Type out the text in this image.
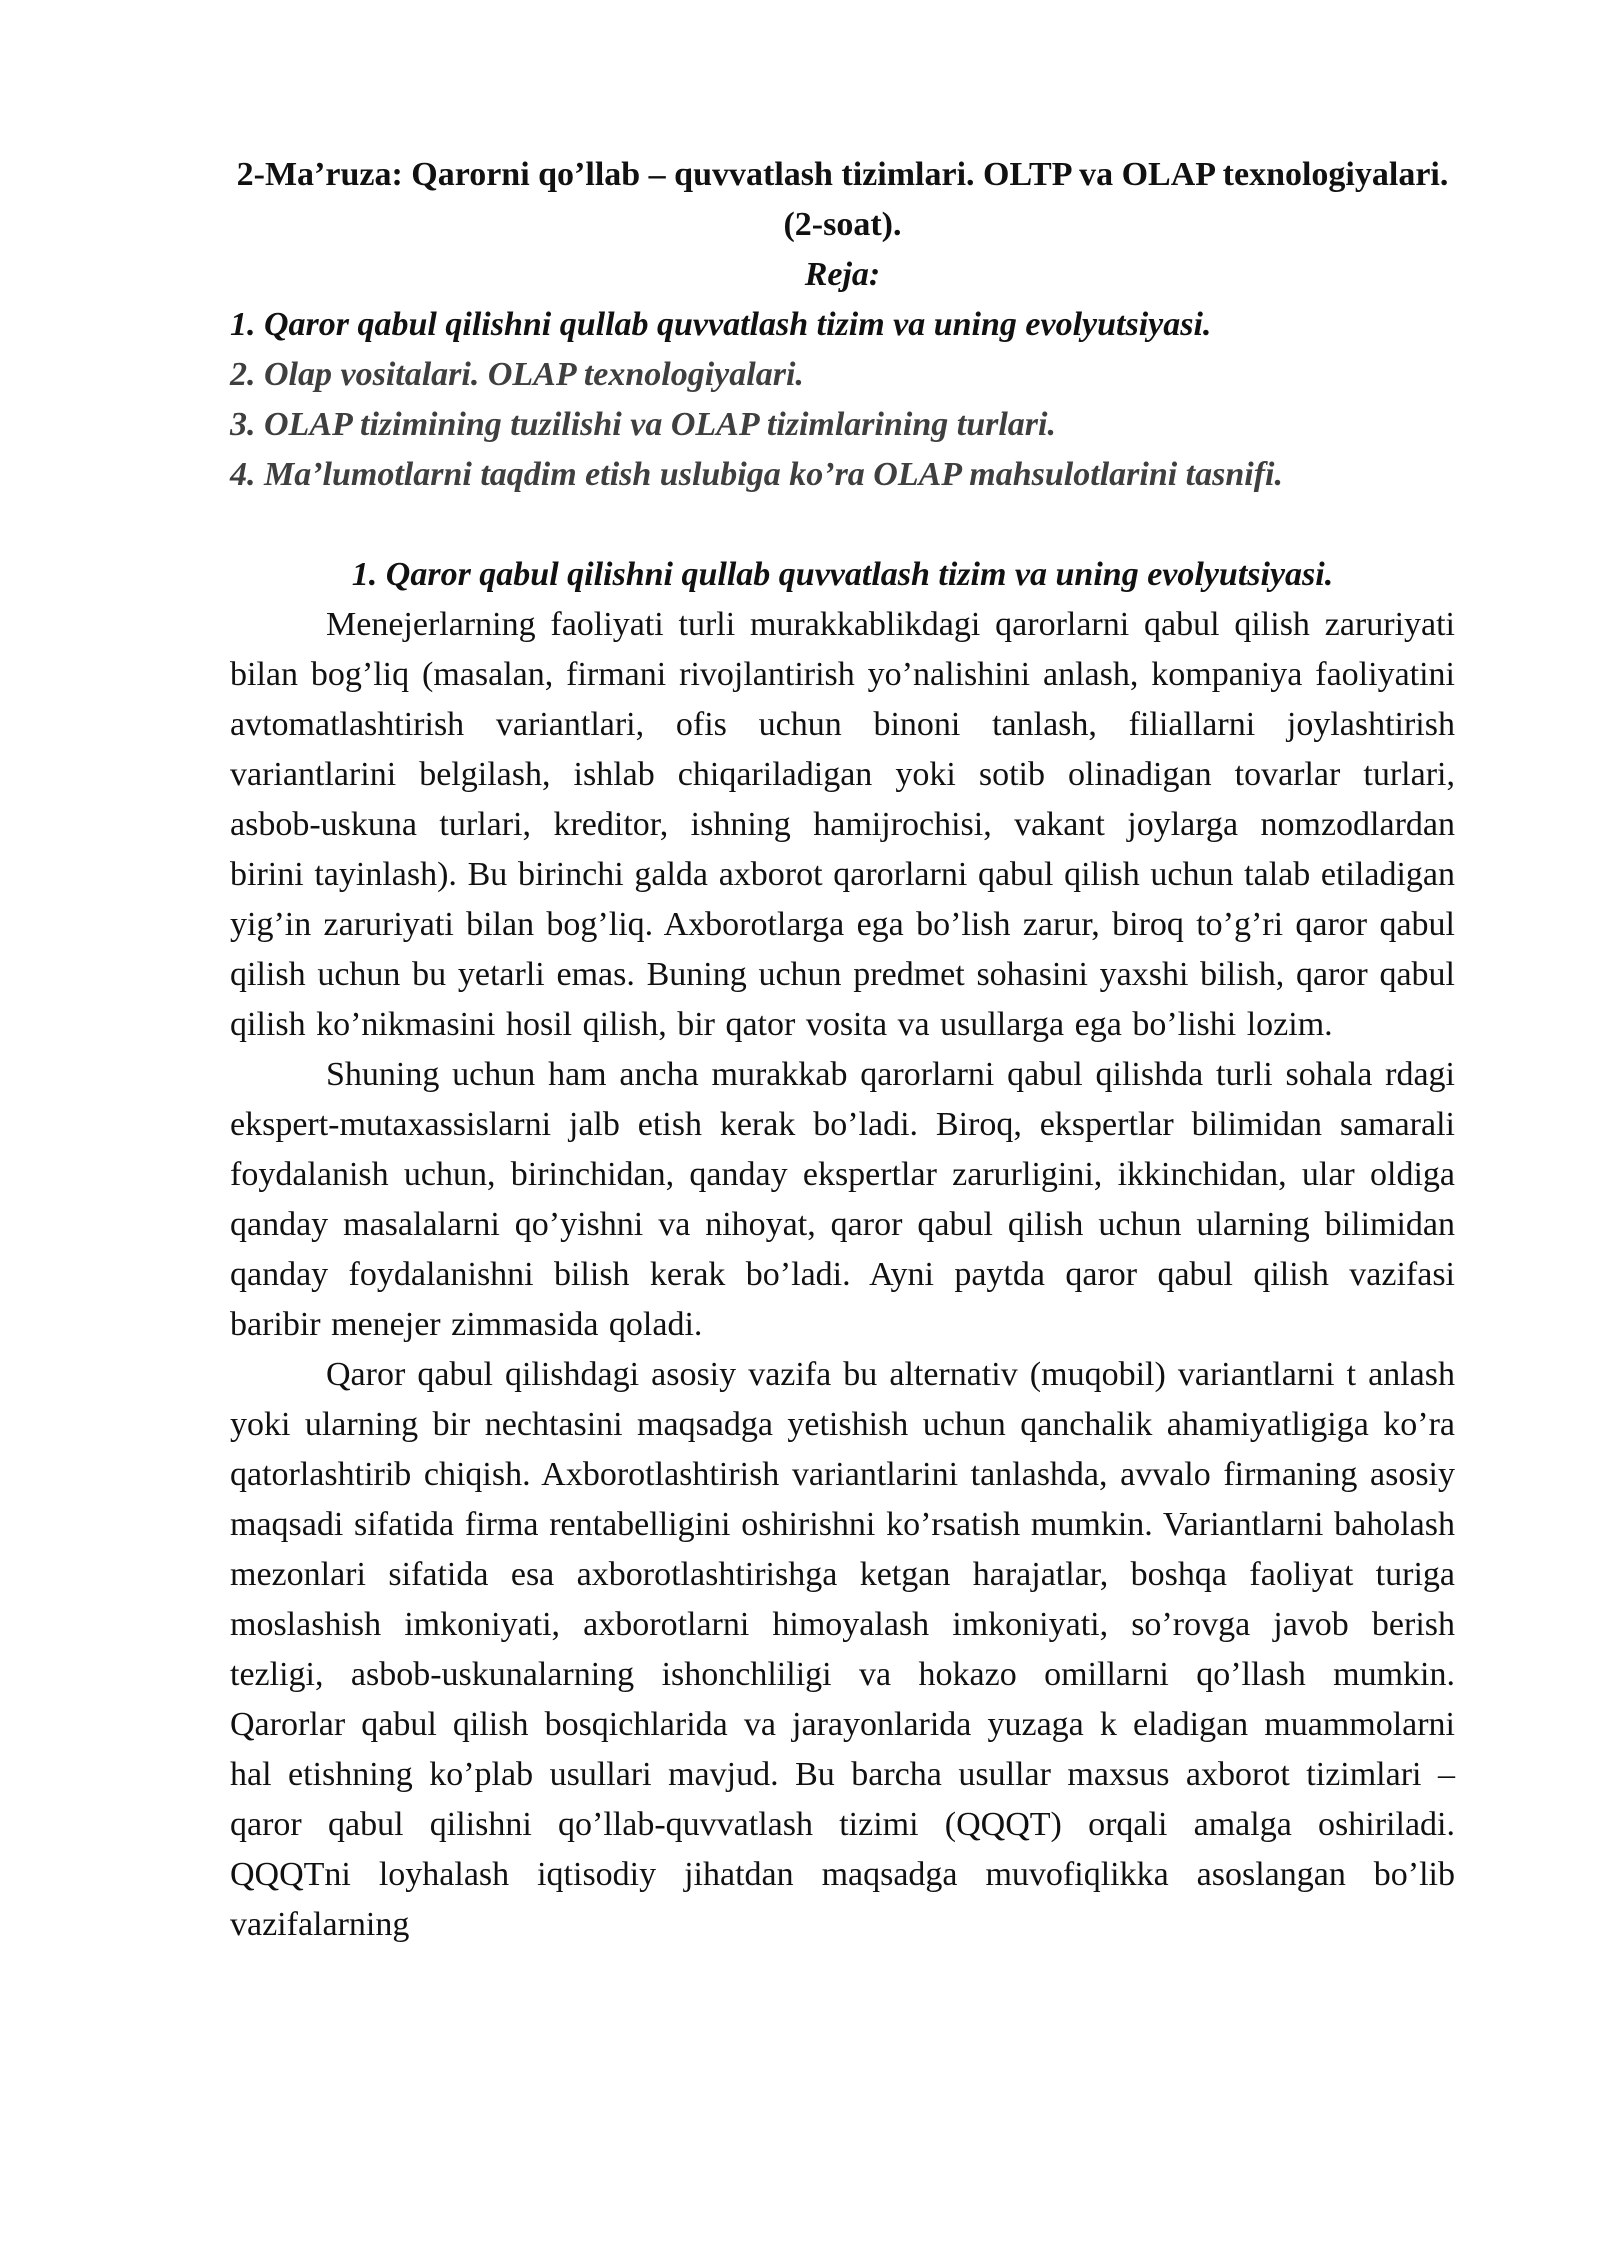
2-Ma’ruza: Qarorni qo’llab – quvvatlash tizimlari. OLTP va OLAP texnologiyalari. (2-soat).
Reja:
1. Qaror qabul qilishni qullab quvvatlash tizim va uning evolyutsiyasi.
2. Olap vositalari. OLAP texnologiyalari.
3. OLAP tizimining tuzilishi va OLAP tizimlarining turlari.
4. Ma’lumotlarni taqdim etish uslubiga ko’ra OLAP mahsulotlarini tasnifi.
1. Qaror qabul qilishni qullab quvvatlash tizim va uning evolyutsiyasi.

Menejerlarning faoliyati turli murakkablikdagi qarorlarni qabul qilish zaruriyati bilan bog’liq (masalan, firmani rivojlantirish yo’nalishini anlash, kompaniya faoliyatini avtomatlashtirish variantlari, ofis uchun binoni tanlash, filiallarni joylashtirish variantlarini belgilash, ishlab chiqariladigan yoki sotib olinadigan tovarlar turlari, asbob-uskuna turlari, kreditor, ishning hamijrochisi, vakant joylarga nomzodlardan birini tayinlash). Bu birinchi galda axborot qarorlarni qabul qilish uchun talab etiladigan yig’in zaruriyati bilan bog’liq. Axborotlarga ega bo’lish zarur, biroq to’g’ri qaror qabul qilish uchun bu yetarli emas. Buning uchun predmet sohasini yaxshi bilish, qaror qabul qilish ko’nikmasini hosil qilish, bir qator vosita va usullarga ega bo’lishi lozim.

Shuning uchun ham ancha murakkab qarorlarni qabul qilishda turli sohala rdagi ekspert-mutaxassislarni jalb etish kerak bo’ladi. Biroq, ekspertlar bilimidan samarali foydalanish uchun, birinchidan, qanday ekspertlar zarurligini, ikkinchidan, ular oldiga qanday masalalarni qo’yishni va nihoyat, qaror qabul qilish uchun ularning bilimidan qanday foydalanishni bilish kerak bo’ladi. Ayni paytda qaror qabul qilish vazifasi baribir menejer zimmasida qoladi.

Qaror qabul qilishdagi asosiy vazifa bu alternativ (muqobil) variantlarni t anlash yoki ularning bir nechtasini maqsadga yetishish uchun qanchalik ahamiyatligiga ko’ra qatorlashtirib chiqish. Axborotlashtirish variantlarini tanlashda, avvalo firmaning asosiy maqsadi sifatida firma rentabelligini oshirishni ko’rsatish mumkin. Variantlarni baholash mezonlari sifatida esa axborotlashtirishga ketgan harajatlar, boshqa faoliyat turiga moslashish imkoniyati, axborotlarni himoyalash imkoniyati, so’rovga javob berish tezligi, asbob-uskunalarning ishonchliligi va hokazo omillarni qo’llash mumkin. Qarorlar qabul qilish bosqichlarida va jarayonlarida yuzaga k eladigan muammolarni hal etishning ko’plab usullari mavjud. Bu barcha usullar maxsus axborot tizimlari – qaror qabul qilishni qo’llab-quvvatlash tizimi (QQQT) orqali amalga oshiriladi. QQQTni loyhalash iqtisodiy jihatdan maqsadga muvofiqlikka asoslangan bo’lib vazifalarning
